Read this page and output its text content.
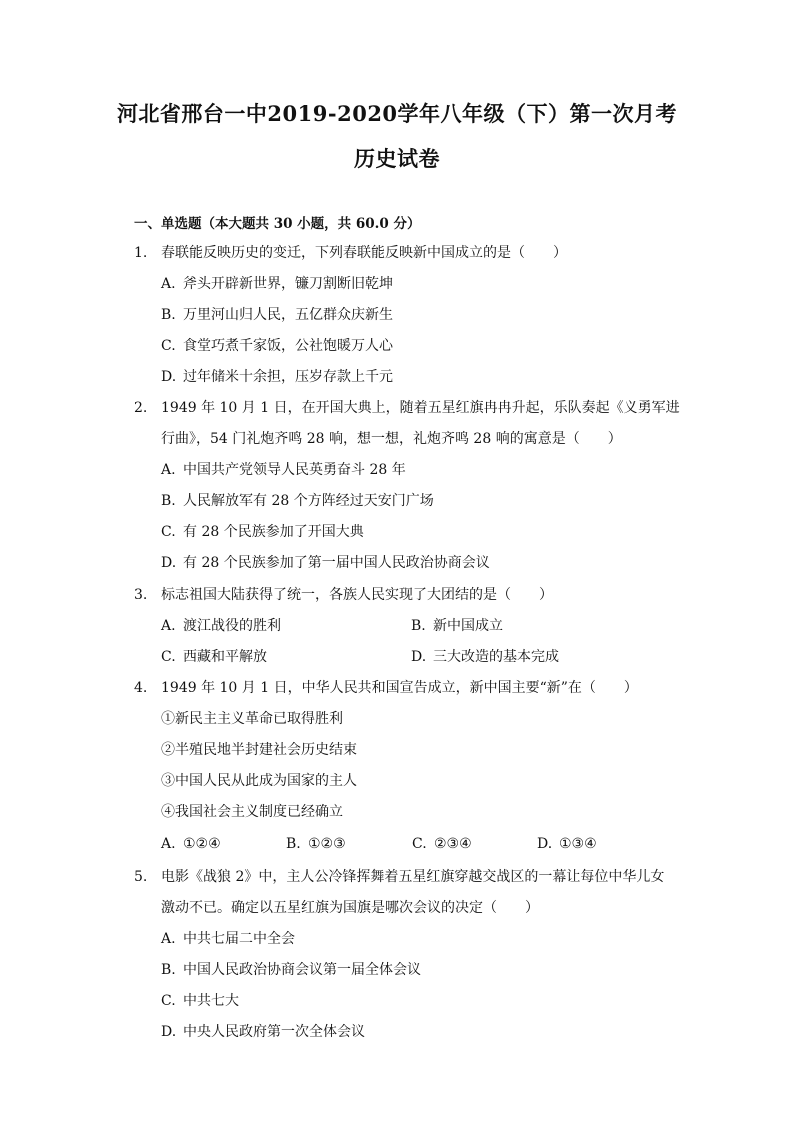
河北省邢台一中2019-2020学年八年级（下）第一次月考
历史试卷
一、单选题（本大题共 30 小题，共 60.0 分）
1. 春联能反映历史的变迁，下列春联能反映新中国成立的是（　　）
A. 斧头开辟新世界，镰刀割断旧乾坤
B. 万里河山归人民，五亿群众庆新生
C. 食堂巧煮千家饭，公社饱暖万人心
D. 过年储米十余担，压岁存款上千元
2. 1949 年 10 月 1 日，在开国大典上，随着五星红旗冉冉升起，乐队奏起《义勇军进
行曲》，54 门礼炮齐鸣 28 响，想一想，礼炮齐鸣 28 响的寓意是（　　）
A. 中国共产党领导人民英勇奋斗 28 年
B. 人民解放军有 28 个方阵经过天安门广场
C. 有 28 个民族参加了开国大典
D. 有 28 个民族参加了第一届中国人民政治协商会议
3. 标志祖国大陆获得了统一，各族人民实现了大团结的是（　　）
A. 渡江战役的胜利	B. 新中国成立
C. 西藏和平解放	D. 三大改造的基本完成
4. 1949 年 10 月 1 日，中华人民共和国宣告成立，新中国主要“新”在（　　）
①新民主主义革命已取得胜利
②半殖民地半封建社会历史结束
③中国人民从此成为国家的主人
④我国社会主义制度已经确立
A. ①②④	B. ①②③	C. ②③④	D. ①③④
5. 电影《战狼 2》中，主人公冷锋挥舞着五星红旗穿越交战区的一幕让每位中华儿女
激动不已。确定以五星红旗为国旗是哪次会议的决定（　　）
A. 中共七届二中全会
B. 中国人民政治协商会议第一届全体会议
C. 中共七大
D. 中央人民政府第一次全体会议
